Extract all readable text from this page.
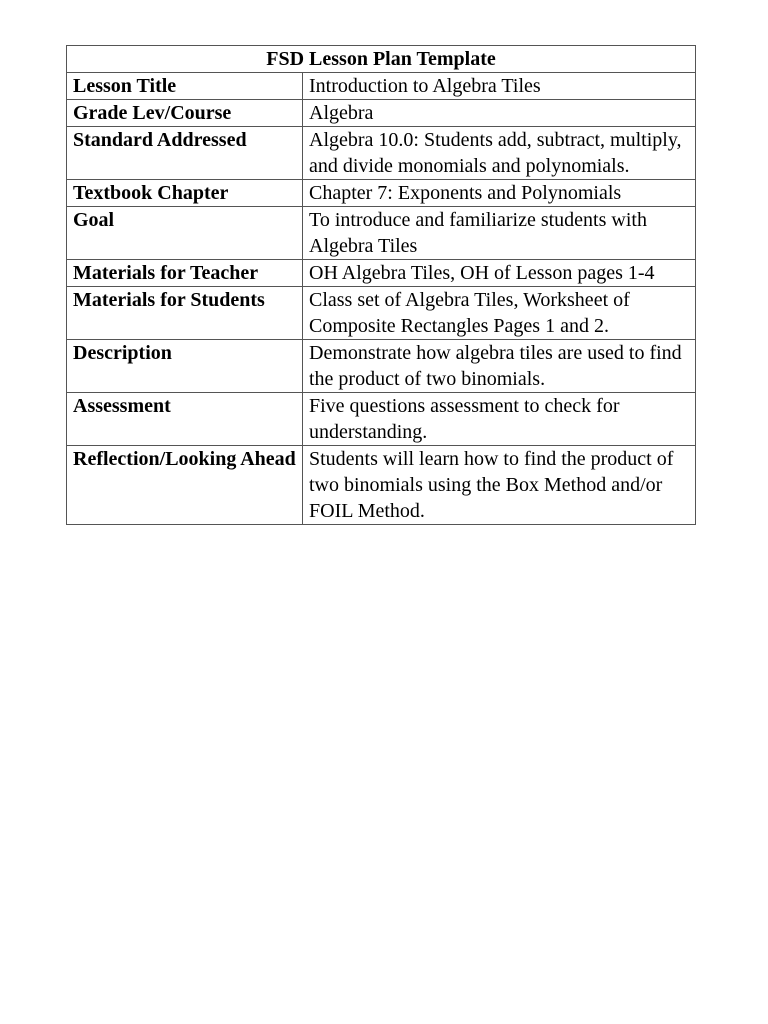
FSD Lesson Plan Template	
Lesson Title	Introduction to Algebra Tiles
Grade Lev/Course	Algebra
Standard Addressed	Algebra 10.0: Students add, subtract, multiply, and divide monomials and polynomials.
Textbook Chapter	Chapter 7: Exponents and Polynomials
Goal	To introduce and familiarize students with Algebra Tiles
Materials for Teacher	OH Algebra Tiles, OH of Lesson pages 1-4
Materials for Students	Class set of Algebra Tiles, Worksheet of Composite Rectangles Pages 1 and 2.
Description	Demonstrate how algebra tiles are used to find the product of two binomials.
Assessment	Five questions assessment to check for understanding.
Reflection/Looking Ahead	Students will learn how to find the product of two binomials using the Box Method and/or FOIL Method.
